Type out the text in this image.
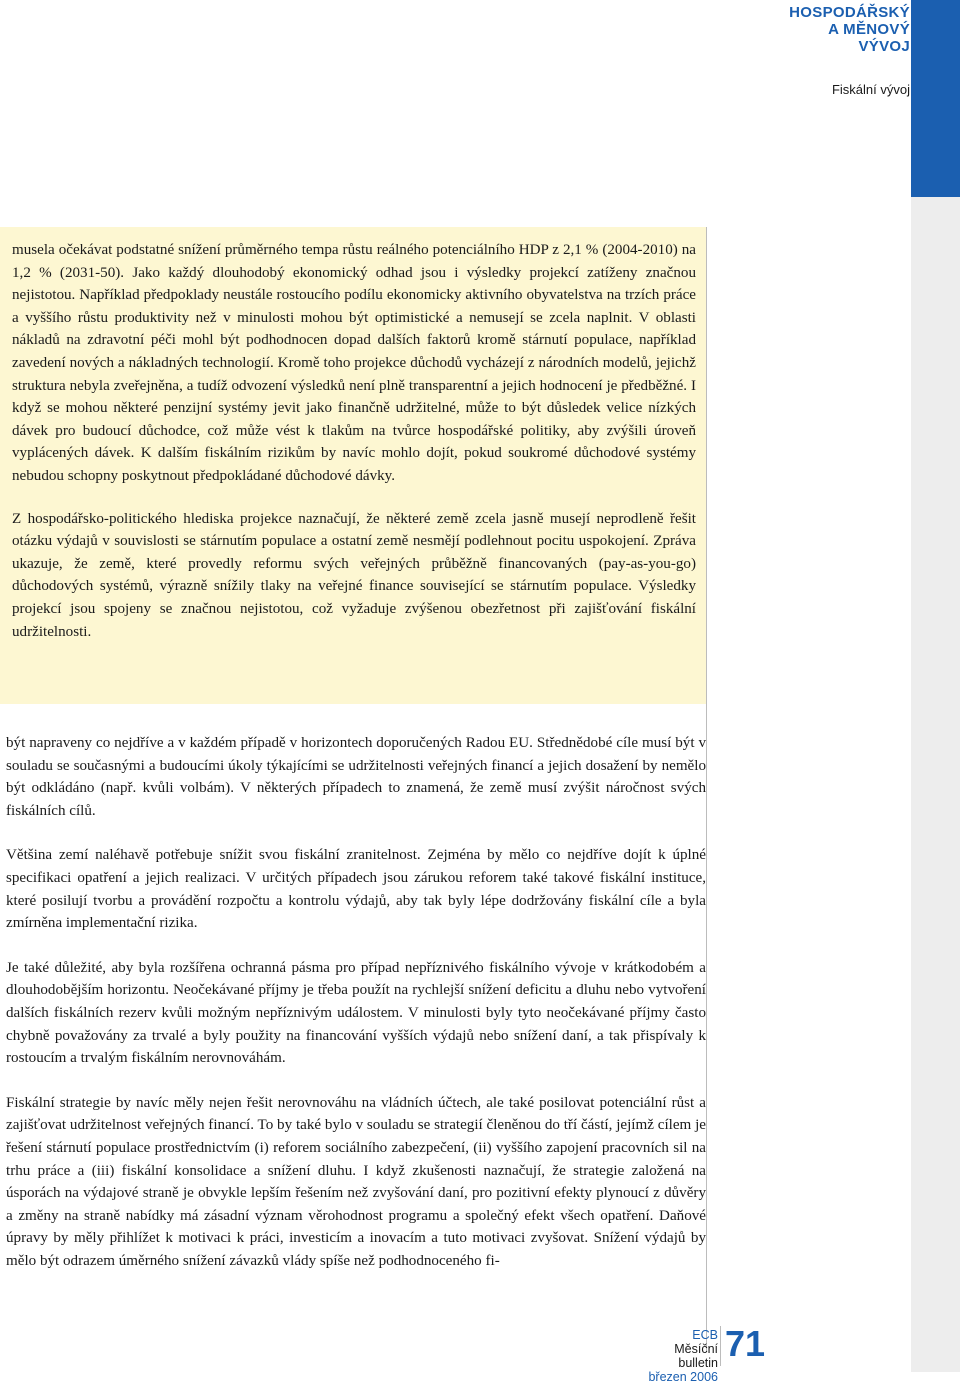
HOSPODÁŘSKÝ
A MĚNOVÝ
VÝVOJ
Fiskální vývoj

musela očekávat podstatné snížení průměrného tempa růstu reálného potenciálního HDP z 2,1 % (2004-2010) na 1,2 % (2031-50). Jako každý dlouhodobý ekonomický odhad jsou i výsledky projekcí zatíženy značnou nejistotou. Například předpoklady neustále rostoucího podílu ekonomicky aktivního obyvatelstva na trzích práce a vyššího růstu produktivity než v minulosti mohou být optimistické a nemusejí se zcela naplnit. V oblasti nákladů na zdravotní péči mohl být podhodnocen dopad dalších faktorů kromě stárnutí populace, například zavedení nových a nákladných technologií. Kromě toho projekce důchodů vycházejí z národních modelů, jejichž struktura nebyla zveřejněna, a tudíž odvození výsledků není plně transparentní a jejich hodnocení je předběžné. I když se mohou některé penzijní systémy jevit jako finančně udržitelné, může to být důsledek velice nízkých dávek pro budoucí důchodce, což může vést k tlakům na tvůrce hospodářské politiky, aby zvýšili úroveň vyplácených dávek. K dalším fiskálním rizikům by navíc mohlo dojít, pokud soukromé důchodové systémy nebudou schopny poskytnout předpokládané důchodové dávky.

Z hospodářsko-politického hlediska projekce naznačují, že některé země zcela jasně musejí neprodleně řešit otázku výdajů v souvislosti se stárnutím populace a ostatní země nesmějí podlehnout pocitu uspokojení. Zpráva ukazuje, že země, které provedly reformu svých veřejných průběžně financovaných (pay-as-you-go) důchodových systémů, výrazně snížily tlaky na veřejné finance související se stárnutím populace. Výsledky projekcí jsou spojeny se značnou nejistotou, což vyžaduje zvýšenou obezřetnost při zajišťování fiskální udržitelnosti.

být napraveny co nejdříve a v každém případě v horizontech doporučených Radou EU. Střednědobé cíle musí být v souladu se současnými a budoucími úkoly týkajícími se udržitelnosti veřejných financí a jejich dosažení by nemělo být odkládáno (např. kvůli volbám). V některých případech to znamená, že země musí zvýšit náročnost svých fiskálních cílů.

Většina zemí naléhavě potřebuje snížit svou fiskální zranitelnost. Zejména by mělo co nejdříve dojít k úplné specifikaci opatření a jejich realizaci. V určitých případech jsou zárukou reforem také takové fiskální instituce, které posilují tvorbu a provádění rozpočtu a kontrolu výdajů, aby tak byly lépe dodržovány fiskální cíle a byla zmírněna implementační rizika.

Je také důležité, aby byla rozšířena ochranná pásma pro případ nepříznivého fiskálního vývoje v krátkodobém a dlouhodobějším horizontu. Neočekávané příjmy je třeba použít na rychlejší snížení deficitu a dluhu nebo vytvoření dalších fiskálních rezerv kvůli možným nepříznivým událostem. V minulosti byly tyto neočekávané příjmy často chybně považovány za trvalé a byly použity na financování vyšších výdajů nebo snížení daní, a tak přispívaly k rostoucím a trvalým fiskálním nerovnováhám.

Fiskální strategie by navíc měly nejen řešit nerovnováhu na vládních účtech, ale také posilovat potenciální růst a zajišťovat udržitelnost veřejných financí. To by také bylo v souladu se strategií členěnou do tří částí, jejímž cílem je řešení stárnutí populace prostřednictvím (i) reforem sociálního zabezpečení, (ii) vyššího zapojení pracovních sil na trhu práce a (iii) fiskální konsolidace a snížení dluhu. I když zkušenosti naznačují, že strategie založená na úsporách na výdajové straně je obvykle lepším řešením než zvyšování daní, pro pozitivní efekty plynoucí z důvěry a změny na straně nabídky má zásadní význam věrohodnost programu a společný efekt všech opatření. Daňové úpravy by měly přihlížet k motivaci k práci, investicím a inovacím a tuto motivaci zvyšovat. Snížení výdajů by mělo být odrazem úměrného snížení závazků vlády spíše než podhodnoceného fi-

ECB
Měsíční bulletin
březen 2006
71
